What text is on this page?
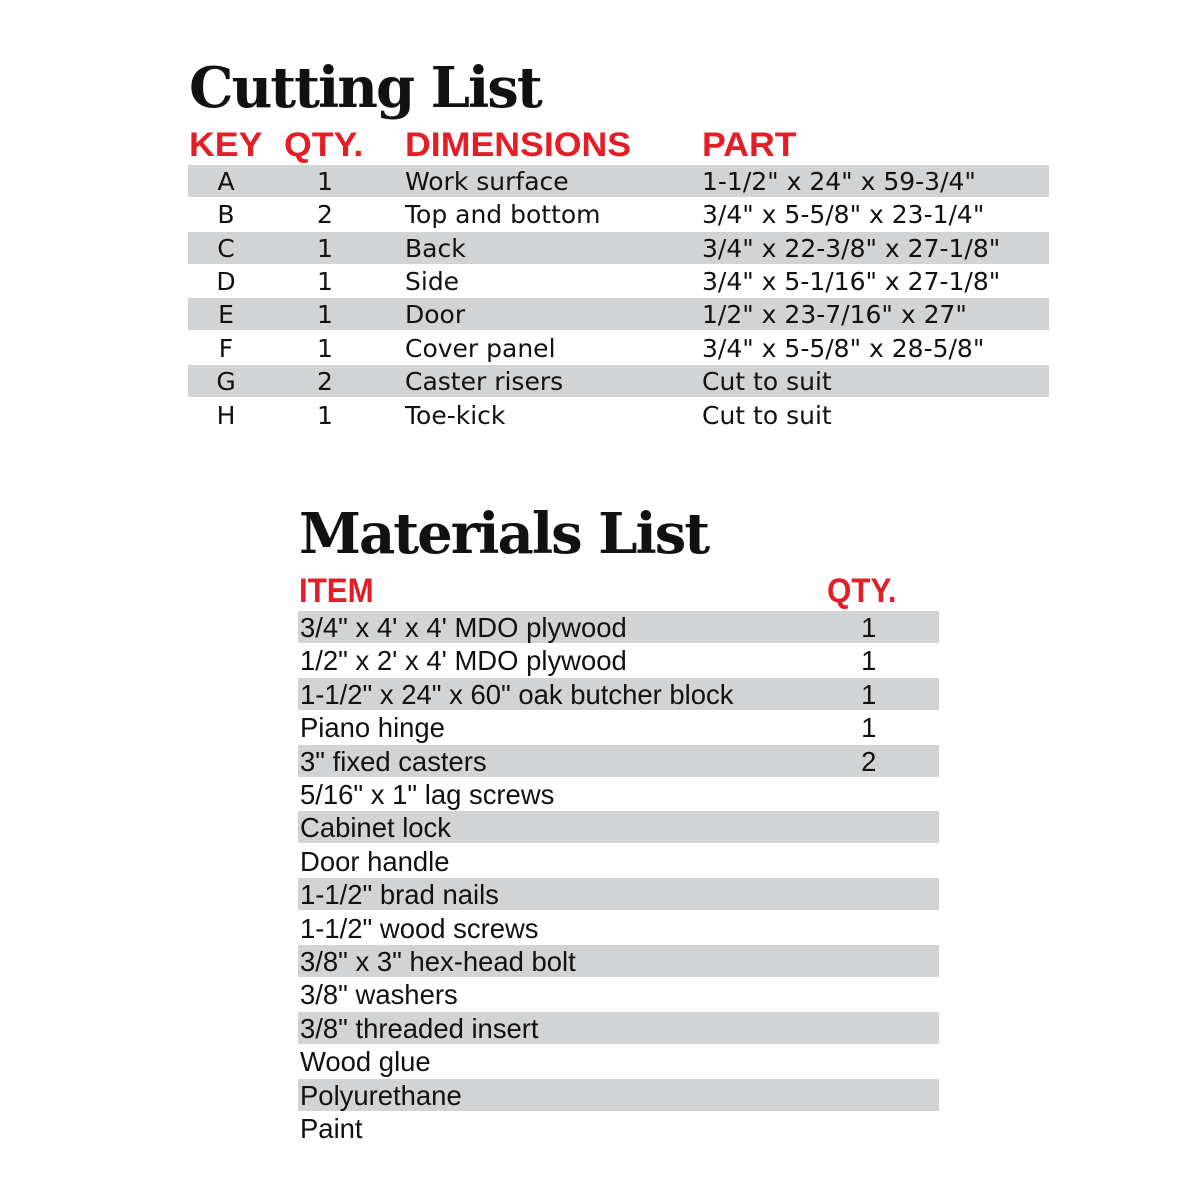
Cutting List
KEY QTY. DIMENSIONS PART
A	1	Work surface	1-1/2" x 24" x 59-3/4"
B	2	Top and bottom	3/4" x 5-5/8" x 23-1/4"
C	1	Back	3/4" x 22-3/8" x 27-1/8"
D	1	Side	3/4" x 5-1/16" x 27-1/8"
E	1	Door	1/2" x 23-7/16" x 27"
F	1	Cover panel	3/4" x 5-5/8" x 28-5/8"
G	2	Caster risers	Cut to suit
H	1	Toe-kick	Cut to suit
Materials List
ITEM	QTY.
3/4" x 4' x 4' MDO plywood	1
1/2" x 2' x 4' MDO plywood	1
1-1/2" x 24" x 60" oak butcher block	1
Piano hinge	1
3" fixed casters	2
5/16" x 1" lag screws
Cabinet lock
Door handle
1-1/2" brad nails
1-1/2" wood screws
3/8" x 3" hex-head bolt
3/8" washers
3/8" threaded insert
Wood glue
Polyurethane
Paint
